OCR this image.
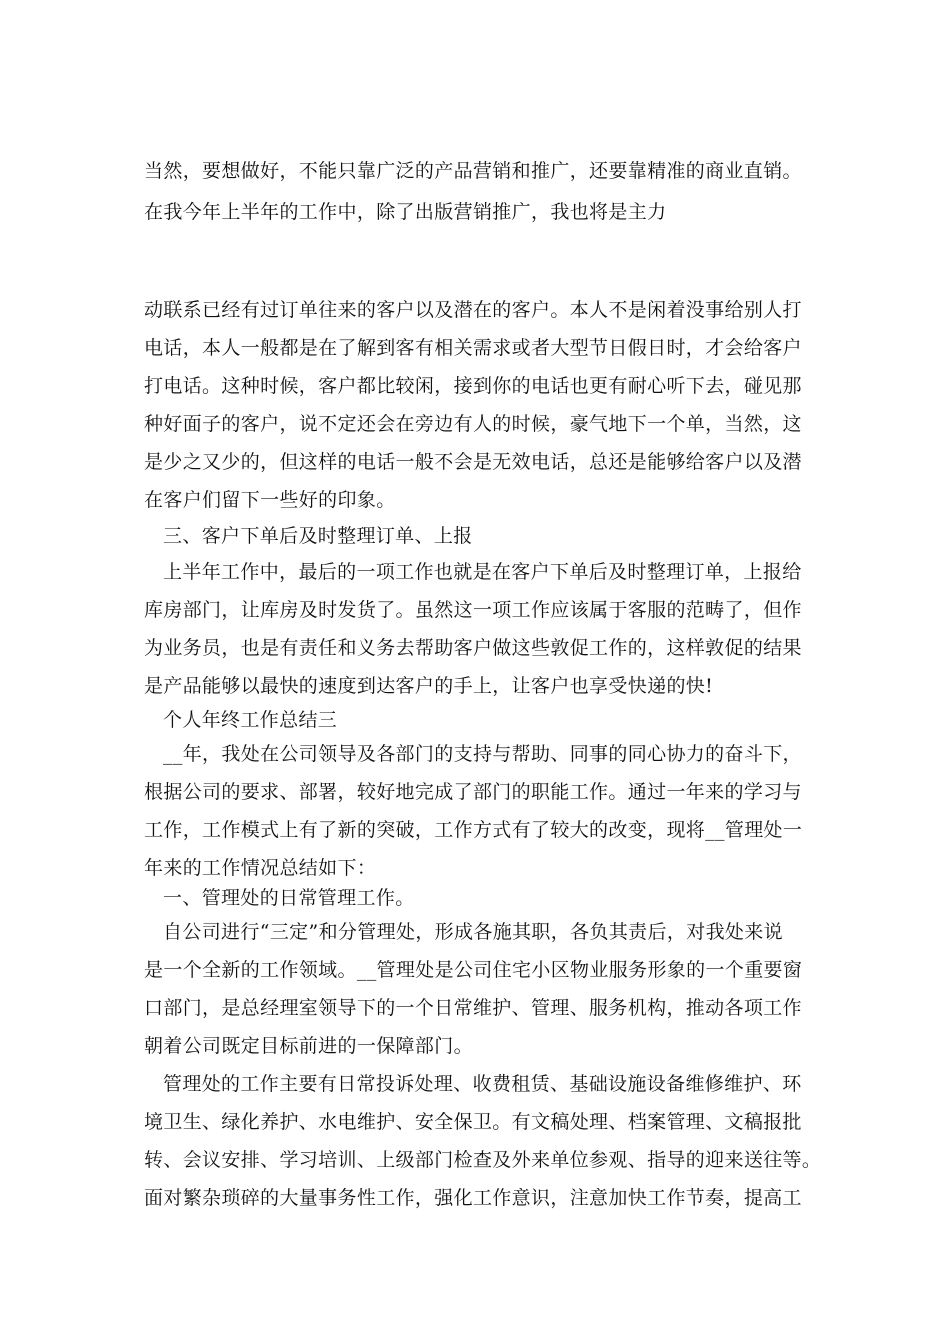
当然，要想做好，不能只靠广泛的产品营销和推广，还要靠精准的商业直销。
在我今年上半年的工作中，除了出版营销推广，我也将是主力
动联系已经有过订单往来的客户以及潜在的客户。本人不是闲着没事给别人打
电话，本人一般都是在了解到客有相关需求或者大型节日假日时，才会给客户
打电话。这种时候，客户都比较闲，接到你的电话也更有耐心听下去，碰见那
种好面子的客户，说不定还会在旁边有人的时候，豪气地下一个单，当然，这
是少之又少的，但这样的电话一般不会是无效电话，总还是能够给客户以及潜
在客户们留下一些好的印象。
三、客户下单后及时整理订单、上报
上半年工作中，最后的一项工作也就是在客户下单后及时整理订单，上报给
库房部门，让库房及时发货了。虽然这一项工作应该属于客服的范畴了，但作
为业务员，也是有责任和义务去帮助客户做这些敦促工作的，这样敦促的结果
是产品能够以最快的速度到达客户的手上，让客户也享受快递的快!
个人年终工作总结三
__年，我处在公司领导及各部门的支持与帮助、同事的同心协力的奋斗下，
根据公司的要求、部署，较好地完成了部门的职能工作。通过一年来的学习与
工作，工作模式上有了新的突破，工作方式有了较大的改变，现将__管理处一
年来的工作情况总结如下：
一、管理处的日常管理工作。
自公司进行“三定”和分管理处，形成各施其职，各负其责后，对我处来说
是一个全新的工作领域。__管理处是公司住宅小区物业服务形象的一个重要窗
口部门，是总经理室领导下的一个日常维护、管理、服务机构，推动各项工作
朝着公司既定目标前进的一保障部门。
管理处的工作主要有日常投诉处理、收费租赁、基础设施设备维修维护、环
境卫生、绿化养护、水电维护、安全保卫。有文稿处理、档案管理、文稿报批
转、会议安排、学习培训、上级部门检查及外来单位参观、指导的迎来送往等。
面对繁杂琐碎的大量事务性工作，强化工作意识，注意加快工作节奏，提高工
